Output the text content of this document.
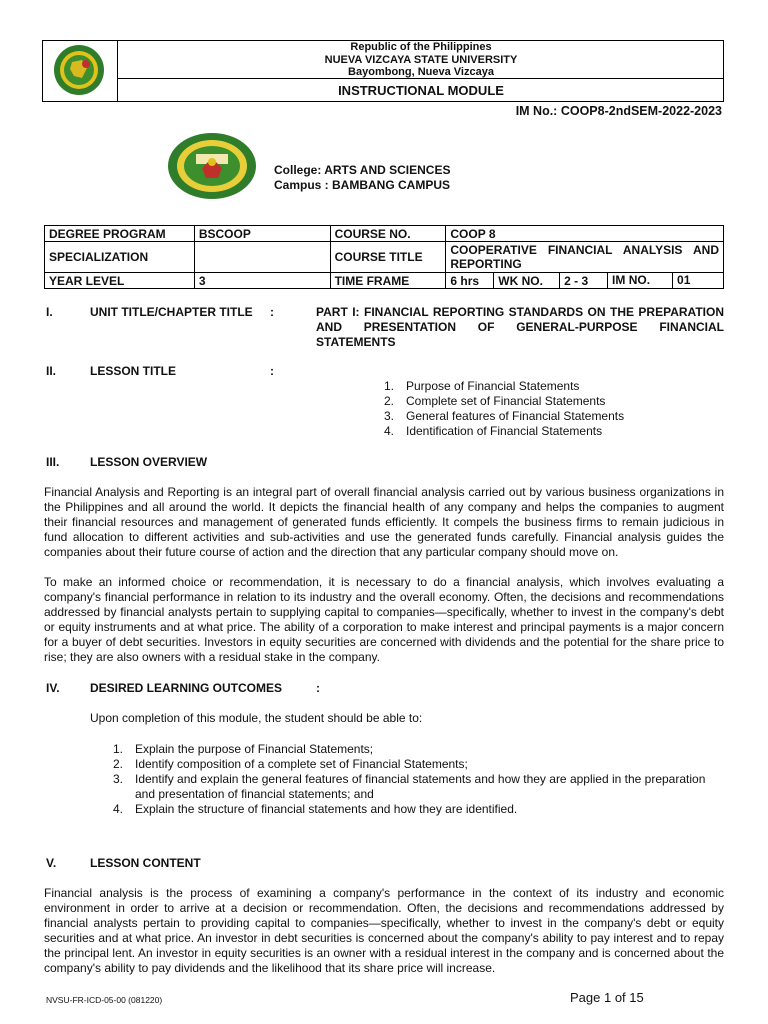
Republic of the Philippines
NUEVA VIZCAYA STATE UNIVERSITY
Bayombong, Nueva Vizcaya
INSTRUCTIONAL MODULE
IM No.: COOP8-2ndSEM-2022-2023
College: ARTS AND SCIENCES
Campus : BAMBANG CAMPUS
DEGREE PROGRAM	BSCOOP	COURSE NO.	COOP 8			
SPECIALIZATION		COURSE TITLE	COOPERATIVE FINANCIAL ANALYSIS AND REPORTING			
YEAR LEVEL	3	TIME FRAME	6 hrs	WK NO.	2 - 3	IM NO. 01
I.	UNIT TITLE/CHAPTER TITLE :	PART I: FINANCIAL REPORTING STANDARDS ON THE PREPARATION AND PRESENTATION OF GENERAL-PURPOSE FINANCIAL STATEMENTS
II.	LESSON TITLE	:
1. Purpose of Financial Statements
2. Complete set of Financial Statements
3. General features of Financial Statements
4. Identification of Financial Statements
III.	LESSON OVERVIEW
Financial Analysis and Reporting is an integral part of overall financial analysis carried out by various business organizations in the Philippines and all around the world. It depicts the financial health of any company and helps the companies to augment their financial resources and management of generated funds efficiently. It compels the business firms to remain judicious in fund allocation to different activities and sub-activities and use the generated funds carefully. Financial analysis guides the companies about their future course of action and the direction that any particular company should move on.
To make an informed choice or recommendation, it is necessary to do a financial analysis, which involves evaluating a company's financial performance in relation to its industry and the overall economy. Often, the decisions and recommendations addressed by financial analysts pertain to supplying capital to companies—specifically, whether to invest in the company's debt or equity instruments and at what price. The ability of a corporation to make interest and principal payments is a major concern for a buyer of debt securities. Investors in equity securities are concerned with dividends and the potential for the share price to rise; they are also owners with a residual stake in the company.
IV.	DESIRED LEARNING OUTCOMES	:
Upon completion of this module, the student should be able to:
1. Explain the purpose of Financial Statements;
2. Identify composition of a complete set of Financial Statements;
3. Identify and explain the general features of financial statements and how they are applied in the preparation and presentation of financial statements; and
4. Explain the structure of financial statements and how they are identified.
V.	LESSON CONTENT
Financial analysis is the process of examining a company's performance in the context of its industry and economic environment in order to arrive at a decision or recommendation. Often, the decisions and recommendations addressed by financial analysts pertain to providing capital to companies—specifically, whether to invest in the company's debt or equity securities and at what price. An investor in debt securities is concerned about the company's ability to pay interest and to repay the principal lent. An investor in equity securities is an owner with a residual interest in the company and is concerned about the company's ability to pay dividends and the likelihood that its share price will increase.
NVSU-FR-ICD-05-00 (081220)	Page 1 of 15
